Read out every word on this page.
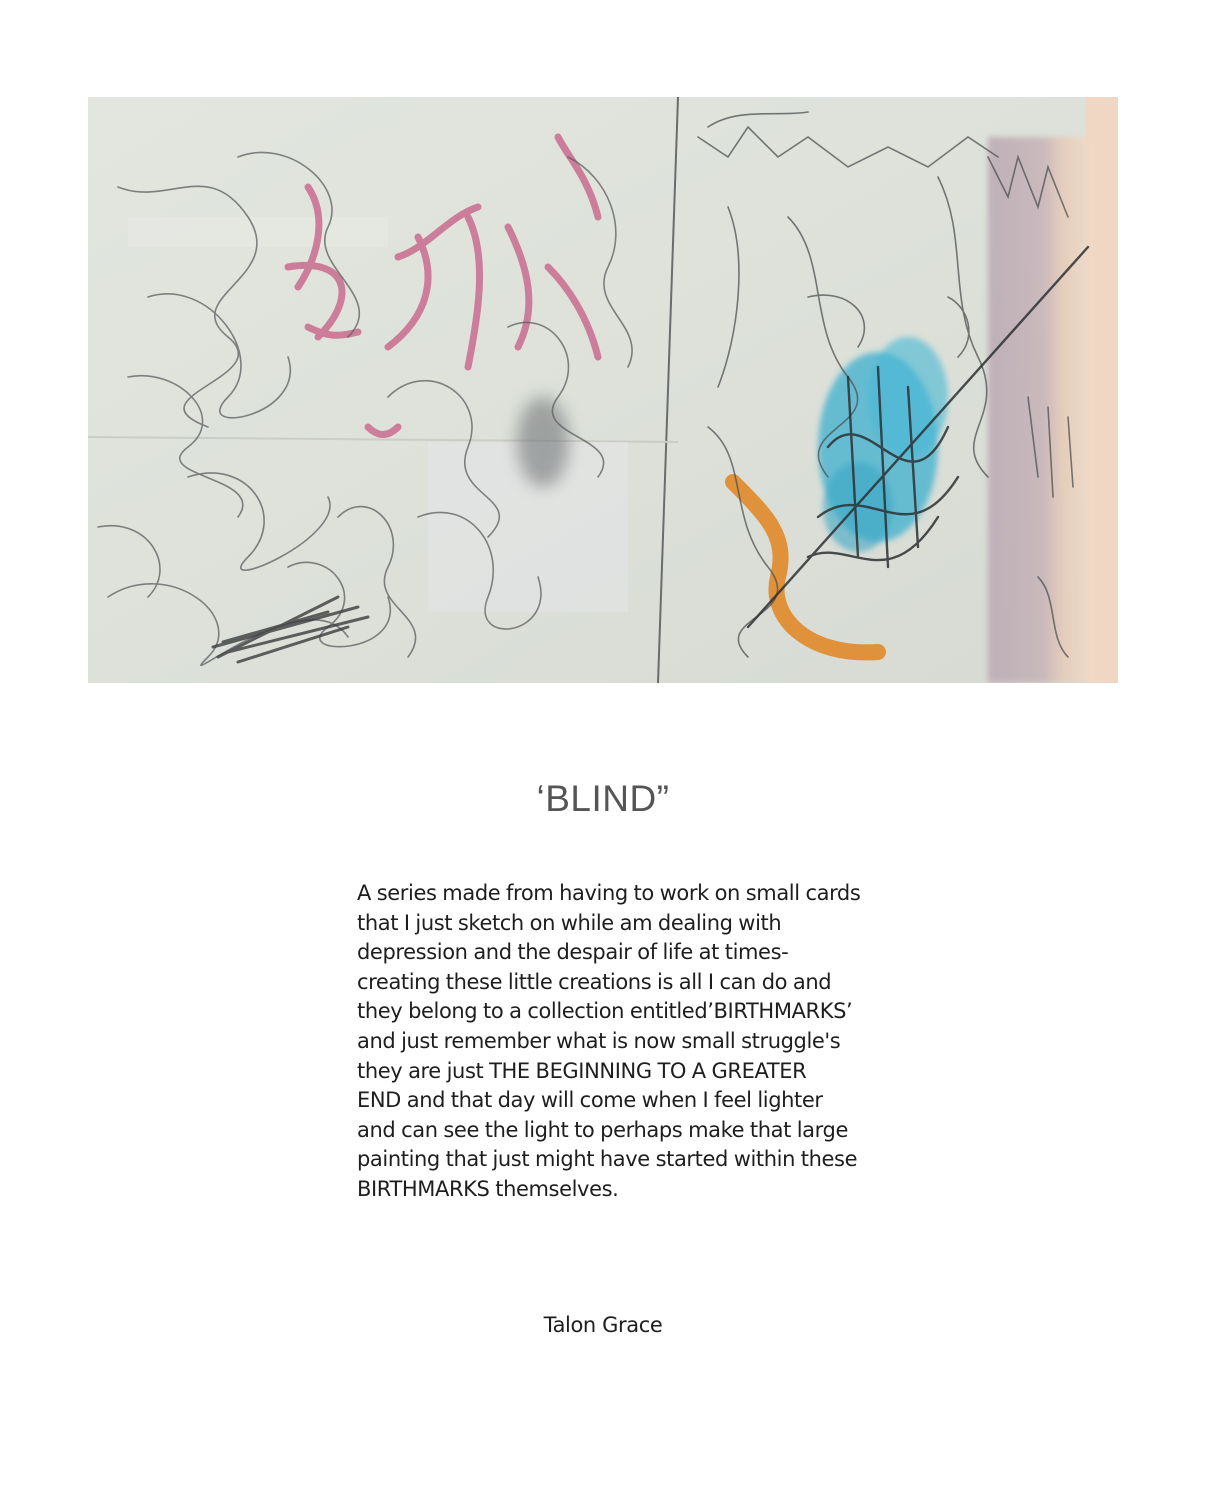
‘BLIND”
A series made from having to work on small cards
that I just sketch on while am dealing with
depression and the despair of life at times-
creating these little creations is all I can do and
they belong to a collection entitled’BIRTHMARKS’
and just remember what is now small struggle's
they are just THE BEGINNING TO A GREATER
END and that day will come when I feel lighter
and can see the light to perhaps make that large
painting that just might have started within these
BIRTHMARKS themselves.
Talon Grace
